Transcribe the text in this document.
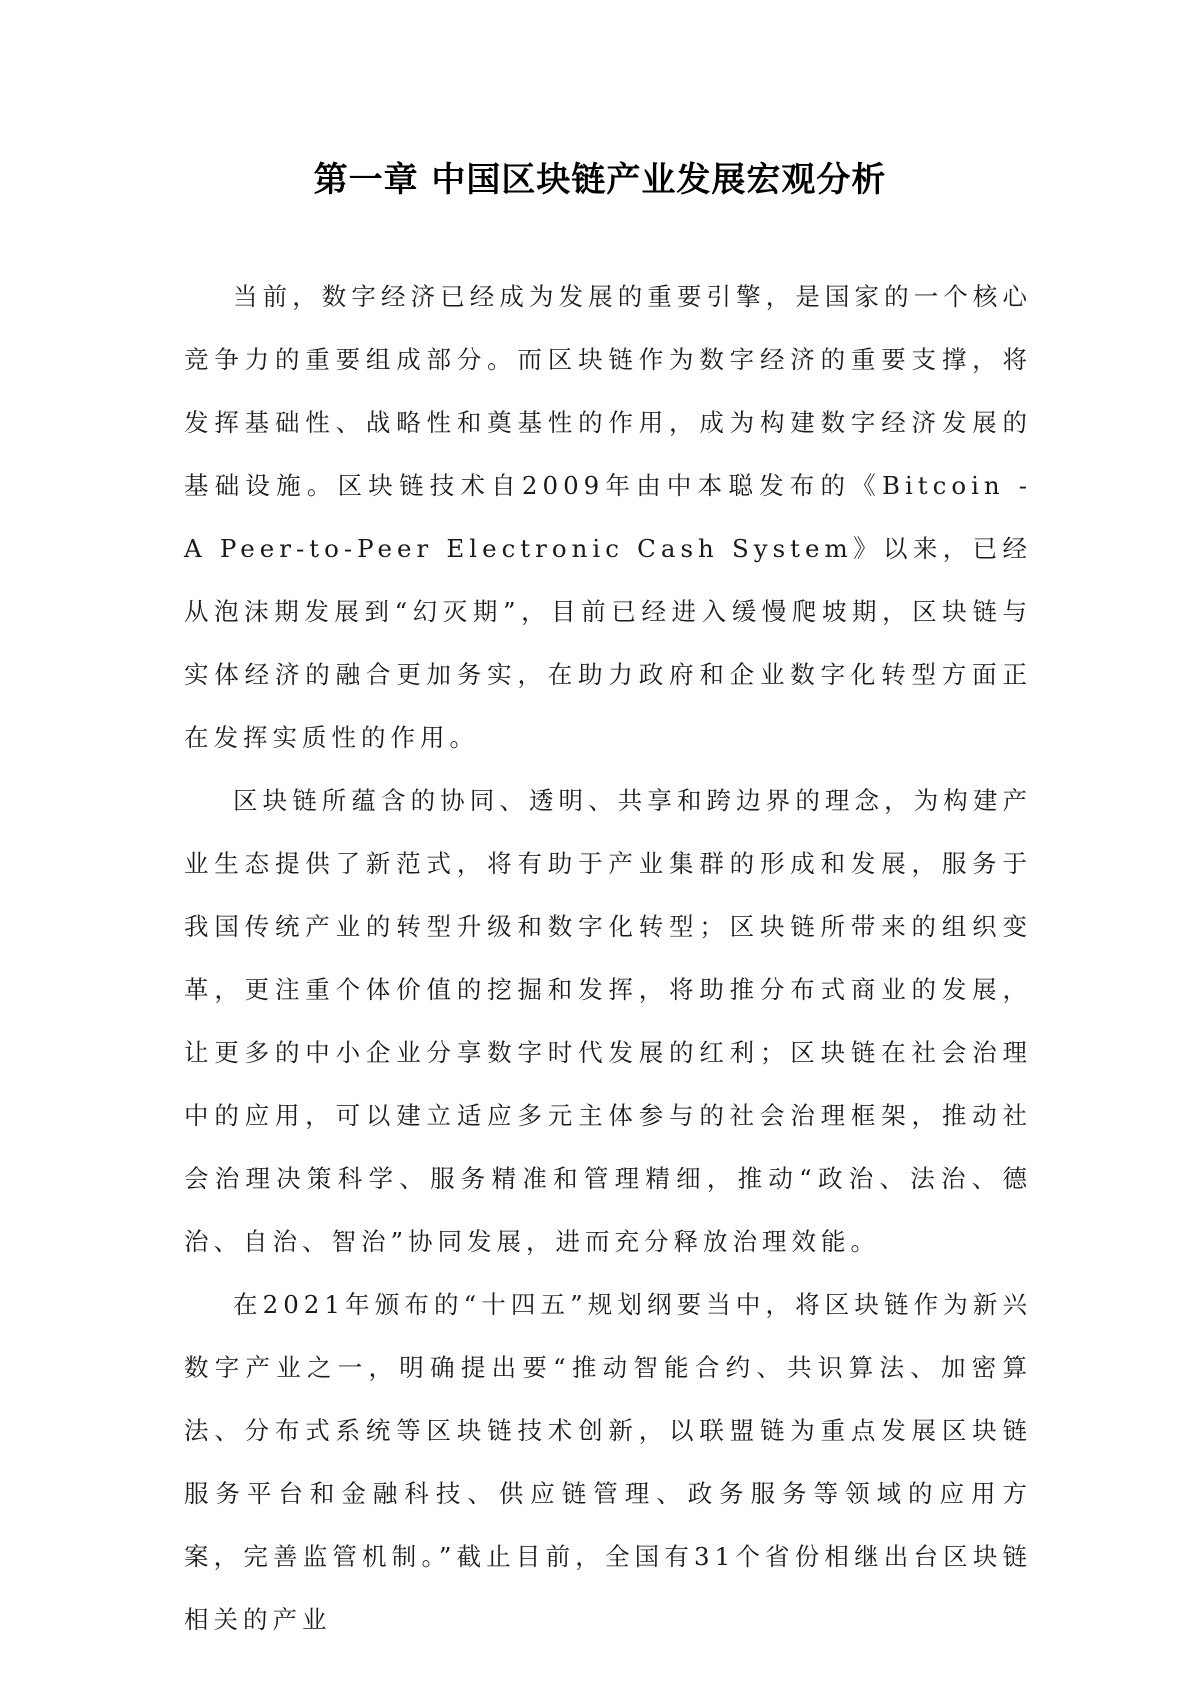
第一章 中国区块链产业发展宏观分析

当前，数字经济已经成为发展的重要引擎，是国家的一个核心竞争力的重要组成部分。而区块链作为数字经济的重要支撑，将发挥基础性、战略性和奠基性的作用，成为构建数字经济发展的基础设施。区块链技术自2009年由中本聪发布的《Bitcoin - A Peer-to-Peer Electronic Cash System》以来，已经从泡沫期发展到“幻灭期”，目前已经进入缓慢爬坡期，区块链与实体经济的融合更加务实，在助力政府和企业数字化转型方面正在发挥实质性的作用。

区块链所蕴含的协同、透明、共享和跨边界的理念，为构建产业生态提供了新范式，将有助于产业集群的形成和发展，服务于我国传统产业的转型升级和数字化转型；区块链所带来的组织变革，更注重个体价值的挖掘和发挥，将助推分布式商业的发展，让更多的中小企业分享数字时代发展的红利；区块链在社会治理中的应用，可以建立适应多元主体参与的社会治理框架，推动社会治理决策科学、服务精准和管理精细，推动“政治、法治、德治、自治、智治”协同发展，进而充分释放治理效能。

在2021年颁布的“十四五”规划纲要当中，将区块链作为新兴数字产业之一，明确提出要“推动智能合约、共识算法、加密算法、分布式系统等区块链技术创新，以联盟链为重点发展区块链服务平台和金融科技、供应链管理、政务服务等领域的应用方案，完善监管机制。”截止目前，全国有31个省份相继出台区块链相关的产业
